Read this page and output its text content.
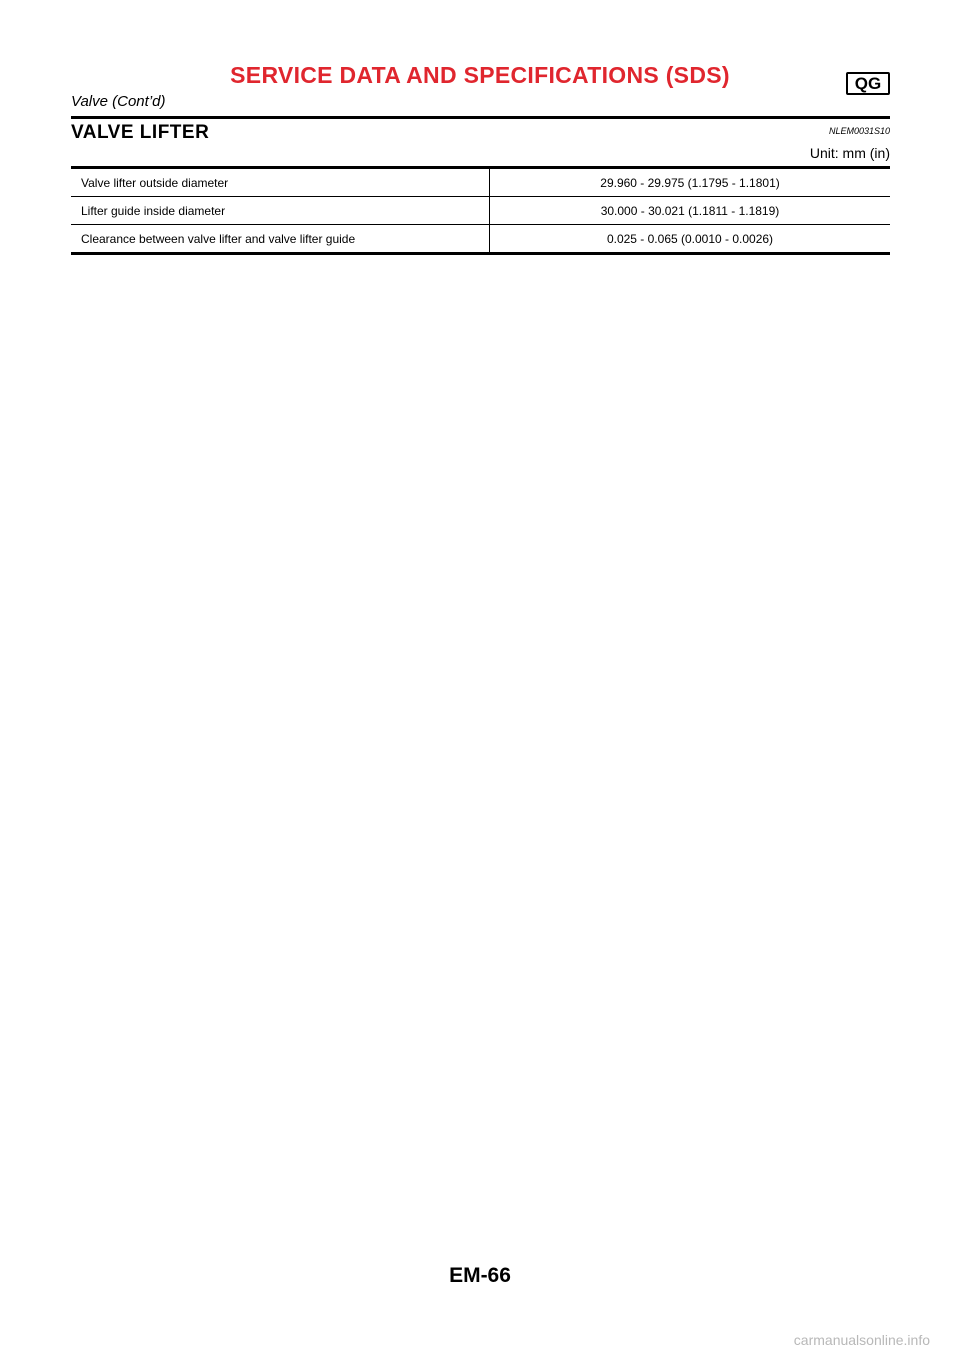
SERVICE DATA AND SPECIFICATIONS (SDS)	QG
Valve (Cont’d)
VALVE LIFTER	NLEM0031S10
Unit: mm (in)
Valve lifter outside diameter	29.960 - 29.975 (1.1795 - 1.1801)
Lifter guide inside diameter	30.000 - 30.021 (1.1811 - 1.1819)
Clearance between valve lifter and valve lifter guide	0.025 - 0.065 (0.0010 - 0.0026)
EM-66
carmanualsonline.info
